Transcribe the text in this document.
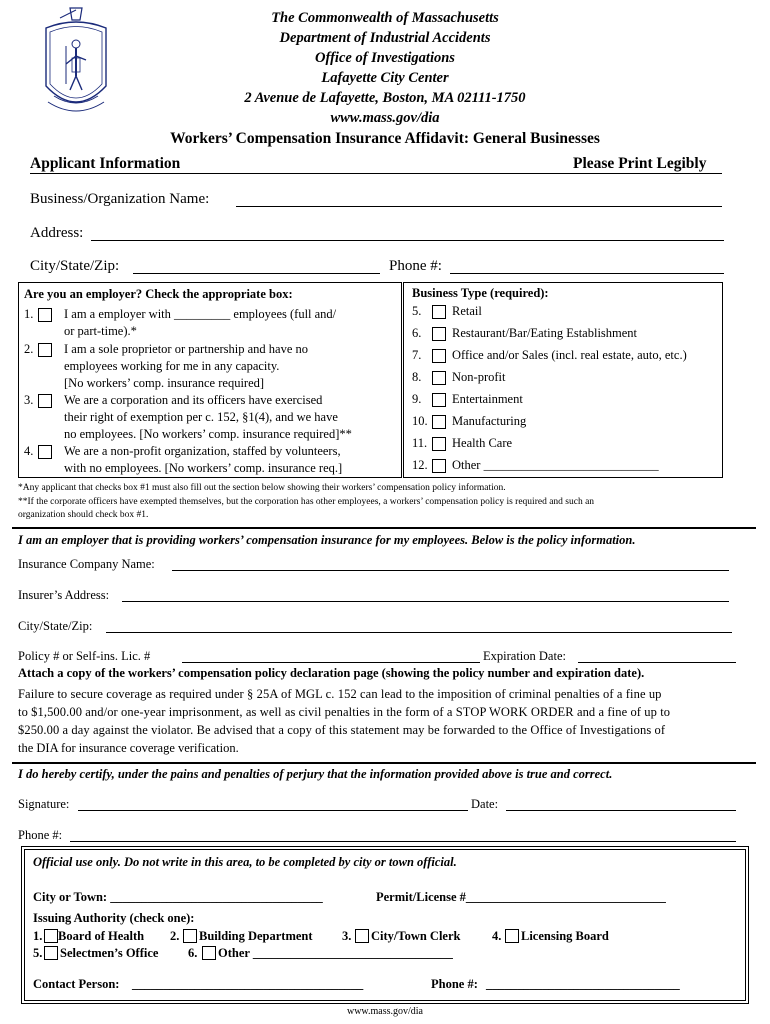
The Commonwealth of Massachusetts
Department of Industrial Accidents
Office of Investigations
Lafayette City Center
2 Avenue de Lafayette, Boston, MA 02111-1750
www.mass.gov/dia
Workers’ Compensation Insurance Affidavit: General Businesses
Applicant Information	Please Print Legibly
Business/Organization Name:
Address:
City/State/Zip:	Phone #:
Are you an employer? Check the appropriate box:
1. I am a employer with _________ employees (full and/
or part-time).*
2. I am a sole proprietor or partnership and have no
employees working for me in any capacity.
[No workers’ comp. insurance required]
3. We are a corporation and its officers have exercised
their right of exemption per c. 152, §1(4), and we have
no employees. [No workers’ comp. insurance required]**
4. We are a non-profit organization, staffed by volunteers,
with no employees. [No workers’ comp. insurance req.]
Business Type (required):
5. Retail
6. Restaurant/Bar/Eating Establishment
7. Office and/or Sales (incl. real estate, auto, etc.)
8. Non-profit
9. Entertainment
10. Manufacturing
11. Health Care
12. Other ____________________________
*Any applicant that checks box #1 must also fill out the section below showing their workers’ compensation policy information.
**If the corporate officers have exempted themselves, but the corporation has other employees, a workers’ compensation policy is required and such an
organization should check box #1.
I am an employer that is providing workers’ compensation insurance for my employees. Below is the policy information.
Insurance Company Name:
Insurer’s Address:
City/State/Zip:
Policy # or Self-ins. Lic. #	Expiration Date:
Attach a copy of the workers’ compensation policy declaration page (showing the policy number and expiration date).
Failure to secure coverage as required under § 25A of MGL c. 152 can lead to the imposition of criminal penalties of a fine up
to $1,500.00 and/or one-year imprisonment, as well as civil penalties in the form of a STOP WORK ORDER and a fine of up to
$250.00 a day against the violator. Be advised that a copy of this statement may be forwarded to the Office of Investigations of
the DIA for insurance coverage verification.
I do hereby certify, under the pains and penalties of perjury that the information provided above is true and correct.
Signature:	Date:
Phone #:
Official use only. Do not write in this area, to be completed by city or town official.
City or Town: __________________________________	Permit/License #________________________________
Issuing Authority (check one):
1. Board of Health 2. Building Department 3. City/Town Clerk	4. Licensing Board
5. Selectmen’s Office 6. Other ________________________________
Contact Person: _____________________________________	Phone #: _______________________________
www.mass.gov/dia
